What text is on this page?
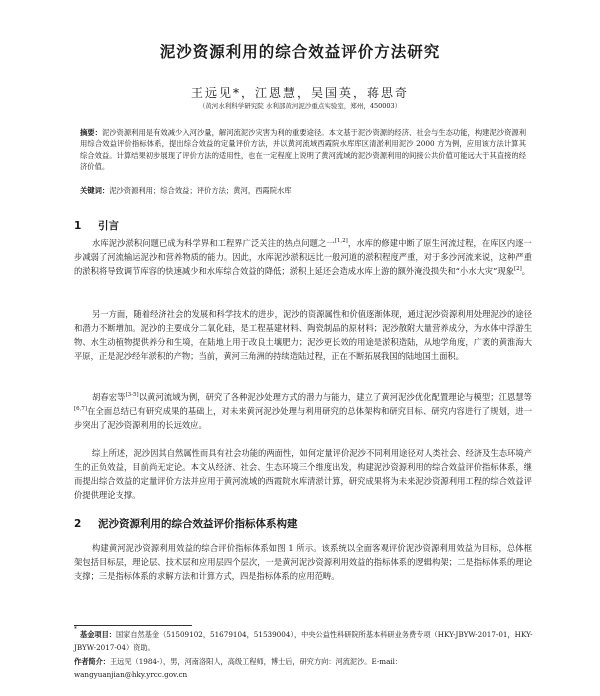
泥沙资源利用的综合效益评价方法研究
王远见*，江恩慧，吴国英，蒋思奇
（黄河水利科学研究院 水利部黄河泥沙重点实验室，郑州，450003）
摘要：泥沙资源利用是有效减少入河沙量，解河流泥沙灾害为利的重要途径。本文基于泥沙资源的经济、社会与生态功能，构建泥沙资源利用综合效益评价指标体系，提出综合效益的定量评价方法，并以黄河流域西霞院水库库区清淤利用泥沙 2000 方为例，应用该方法计算其综合效益。计算结果初步展现了评价方法的适用性，也在一定程度上说明了黄河流域的泥沙资源利用的间接公共价值可能远大于其直接的经济价值。
关键词：泥沙资源利用；综合效益；评价方法；黄河，西霞院水库
1 引言
水库泥沙淤积问题已成为科学界和工程界广泛关注的热点问题之一[1,2]，水库的修建中断了原生河流过程，在库区内逐一步减弱了河流输运泥沙和营养物质的能力。因此，水库泥沙淤积远比一般河道的淤积程度严重，对于多沙河流来说，这种严重的淤积将导致调节库容的快速减少和水库综合效益的降低；淤积上延还会造成水库上游的额外淹没损失和“小水大灾”现象[2]。
另一方面，随着经济社会的发展和科学技术的进步，泥沙的资源属性和价值逐渐体现，通过泥沙资源利用处理泥沙的途径和潜力不断增加。泥沙的主要成分二氧化硅，是工程基建材料、陶瓷制品的原材料；泥沙散附大量营养成分，为水体中浮游生物、水生动植物提供养分和生境，在陆地上用于改良土壤肥力；泥沙更长效的用途是淤积造陆，从地学角度，广袤的黄淮海大平原，正是泥沙经年淤积的产物；当前，黄河三角洲的持续造陆过程，正在不断拓展我国的陆地国土面积。
胡春宏等[3-5]以黄河流域为例，研究了各种泥沙处理方式的潜力与能力，建立了黄河泥沙优化配置理论与模型；江恩慧等[6,7]在全面总结已有研究成果的基础上，对未来黄河泥沙处理与利用研究的总体架构和研究目标、研究内容进行了规划，进一步突出了泥沙资源利用的长远效应。
综上所述，泥沙因其自然属性而具有社会功能的两面性，如何定量评价泥沙不同利用途径对人类社会、经济及生态环境产生的正负效益，目前尚无定论。本文从经济、社会、生态环境三个维度出发，构建泥沙资源利用的综合效益评价指标体系，继而提出综合效益的定量评价方法并应用于黄河流域的西霞院水库清淤计算，研究成果将为未来泥沙资源利用工程的综合效益评价提供理论支撑。
2 泥沙资源利用的综合效益评价指标体系构建
构建黄河泥沙资源利用效益的综合评价指标体系如图 1 所示。该系统以全面客观评价泥沙资源利用效益为目标，总体框架包括目标层，理论层、技术层和应用层四个层次，一是黄河泥沙资源利用效益的指标体系的逻辑构架；二是指标体系的理论支撑；三是指标体系的求解方法和计算方式，四是指标体系的应用范畴。
*
基金项目：国家自然基金（51509102，51679104，51539004），中央公益性科研院所基本科研业务费专项（HKY-JBYW-2017-01，HKY-JBYW-2017-04）资助。
作者简介：王远见（1984-），男，河南洛阳人，高级工程师，博士后，研究方向：河流泥沙。E-mail：
wangyuanjian@hky.yrcc.gov.cn
